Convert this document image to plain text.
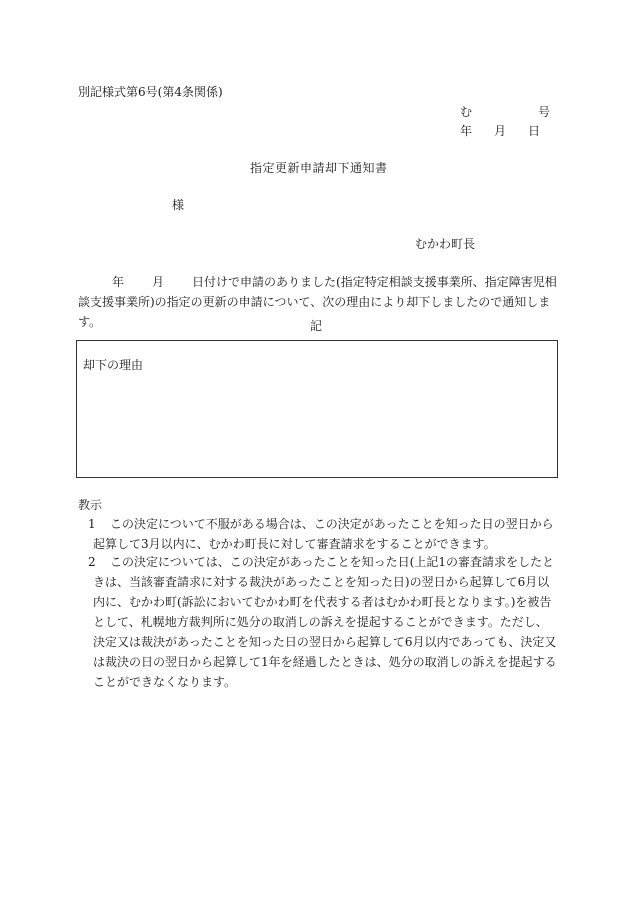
別記様式第6号(第4条関係)
む	号
年 月 日
指定更新申請却下通知書
様
むかわ町長
年 月 日付けで申請のありました(指定特定相談支援事業所、指定障害児相談支援事業所)の指定の更新の申請について、次の理由により却下しましたので通知します。	記
却下の理由
教示
1	この決定について不服がある場合は、この決定があったことを知った日の翌日から起算して3月以内に、むかわ町長に対して審査請求をすることができます。
2	この決定については、この決定があったことを知った日(上記1の審査請求をしたときは、当該審査請求に対する裁決があったことを知った日)の翌日から起算して6月以内に、むかわ町(訴訟においてむかわ町を代表する者はむかわ町長となります。)を被告として、札幌地方裁判所に処分の取消しの訴えを提起することができます。ただし、決定又は裁決があったことを知った日の翌日から起算して6月以内であっても、決定又は裁決の日の翌日から起算して1年を経過したときは、処分の取消しの訴えを提起することができなくなります。
